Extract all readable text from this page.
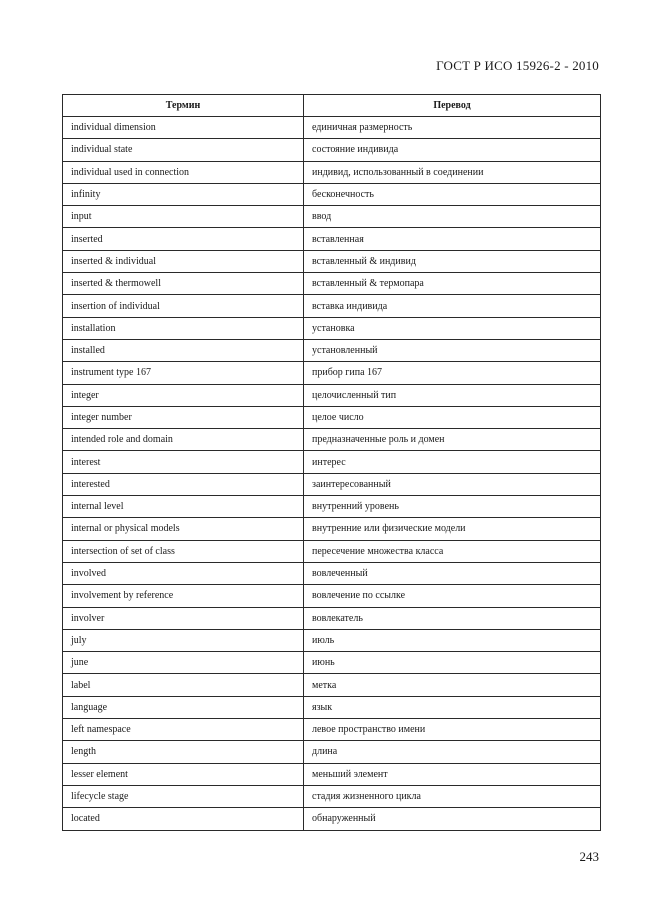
ГОСТ Р ИСО 15926-2 - 2010
Термин	Перевод
individual dimension	единичная размерность
individual state	состояние индивида
individual used in connection	индивид, использованный в соединении
infinity	бесконечность
input	ввод
inserted	вставленная
inserted & individual	вставленный & индивид
inserted & thermowell	вставленный & термопара
insertion of individual	вставка индивида
installation	установка
installed	установленный
instrument type 167	прибор гипа 167
integer	целочисленный тип
integer number	целое число
intended role and domain	предназначенные роль и домен
interest	интерес
interested	заинтересованный
internal level	внутренний уровень
internal or physical models	внутренние или физические модели
intersection of set of class	пересечение множества класса
involved	вовлеченный
involvement by reference	вовлечение по ссылке
involver	вовлекатель
july	июль
june	июнь
label	метка
language	язык
left namespace	левое пространство имени
length	длина
lesser element	меньший элемент
lifecycle stage	стадия жизненного цикла
located	обнаруженный
243
